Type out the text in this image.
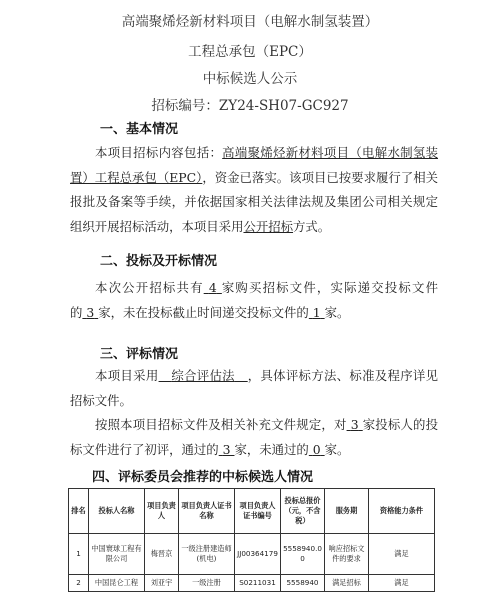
高端聚烯烃新材料项目（电解水制氢装置）
工程总承包（EPC）
中标候选人公示
招标编号：ZY24-SH07-GC927
一、基本情况
本项目招标内容包括：高端聚烯烃新材料项目（电解水制氢装置）工程总承包（EPC），资金已落实。该项目已按要求履行了相关报批及备案等手续，并依据国家相关法律法规及集团公司相关规定组织开展招标活动，本项目采用公开招标方式。
二、投标及开标情况
本次公开招标共有 4 家购买招标文件，实际递交投标文件的 3 家，未在投标截止时间递交投标文件的 1 家。
三、评标情况
本项目采用 综合评估法 ，具体评标方法、标准及程序详见招标文件。
按照本项目招标文件及相关补充文件规定，对 3 家投标人的投标文件进行了初评，通过的 3 家，未通过的 0 家。
四、评标委员会推荐的中标候选人情况
排名	投标人名称	项目负责人	项目负责人证书名称	项目负责人证书编号	投标总报价（元，不含税）	服务期	资格能力条件
1	中国寰球工程有限公司	梅晋京	一级注册建造师(机电)	JJ00364179	5558940.00	响应招标文件的要求	满足
2	中国昆仑工程	刘亚宇	一级注册	S0211031	5558940	满足招标	满足
